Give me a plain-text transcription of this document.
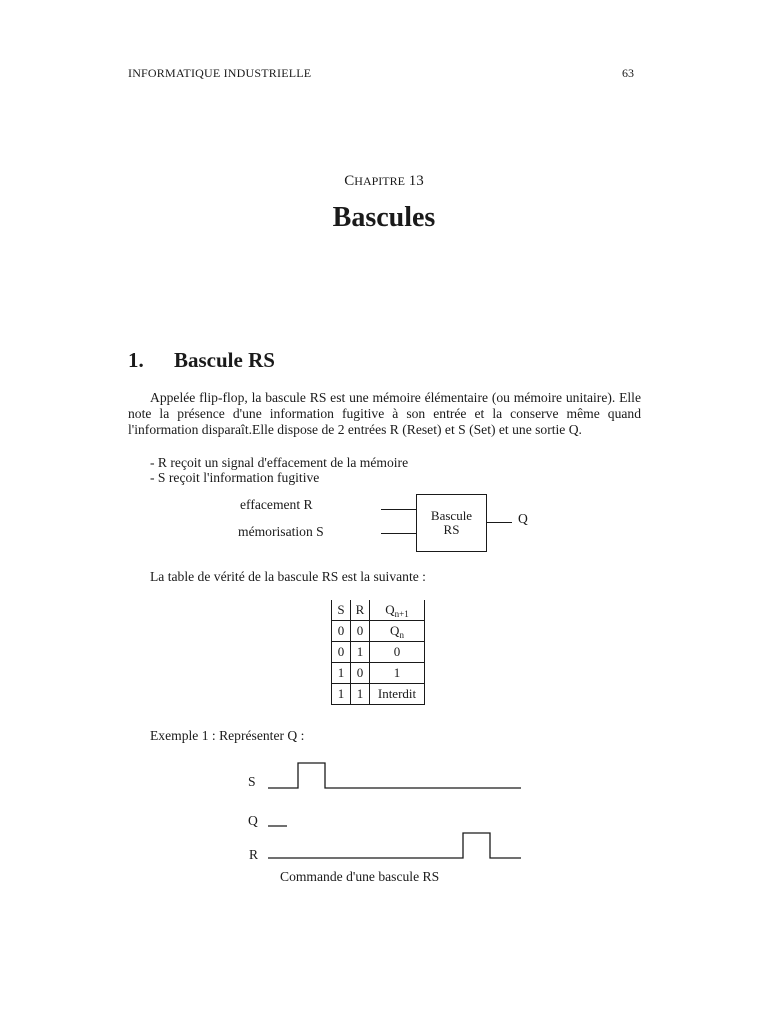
INFORMATIQUE INDUSTRIELLE	63
CHAPITRE 13
Bascules
1. Bascule RS

Appelée flip-flop, la bascule RS est une mémoire élémentaire (ou mémoire unitaire). Elle note la présence d'une information fugitive à son entrée et la conserve même quand l'information disparaît.Elle dispose de 2 entrées R (Reset) et S (Set) et une sortie Q.

- R reçoit un signal d'effacement de la mémoire
- S reçoit l'information fugitive
effacement R
mémorisation S
Bascule
RS
Q
La table de vérité de la bascule RS est la suivante :
S	R	$Q_{n+1}$
0	0	$Q_n$
0	1	0
1	0	1
1	1	Interdit
Exemple 1 : Représenter Q :
S
Q
R
Commande d'une bascule RS
